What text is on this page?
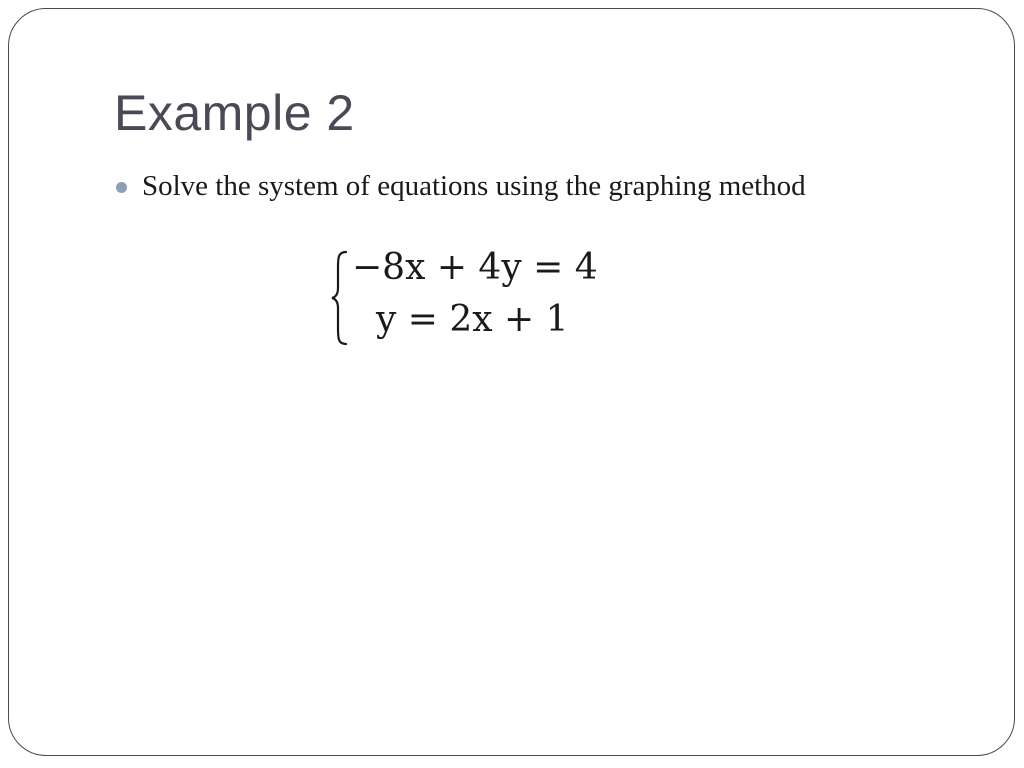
Example 2
Solve the system of equations using the graphing method
−8x + 4y = 4
y = 2x + 1
